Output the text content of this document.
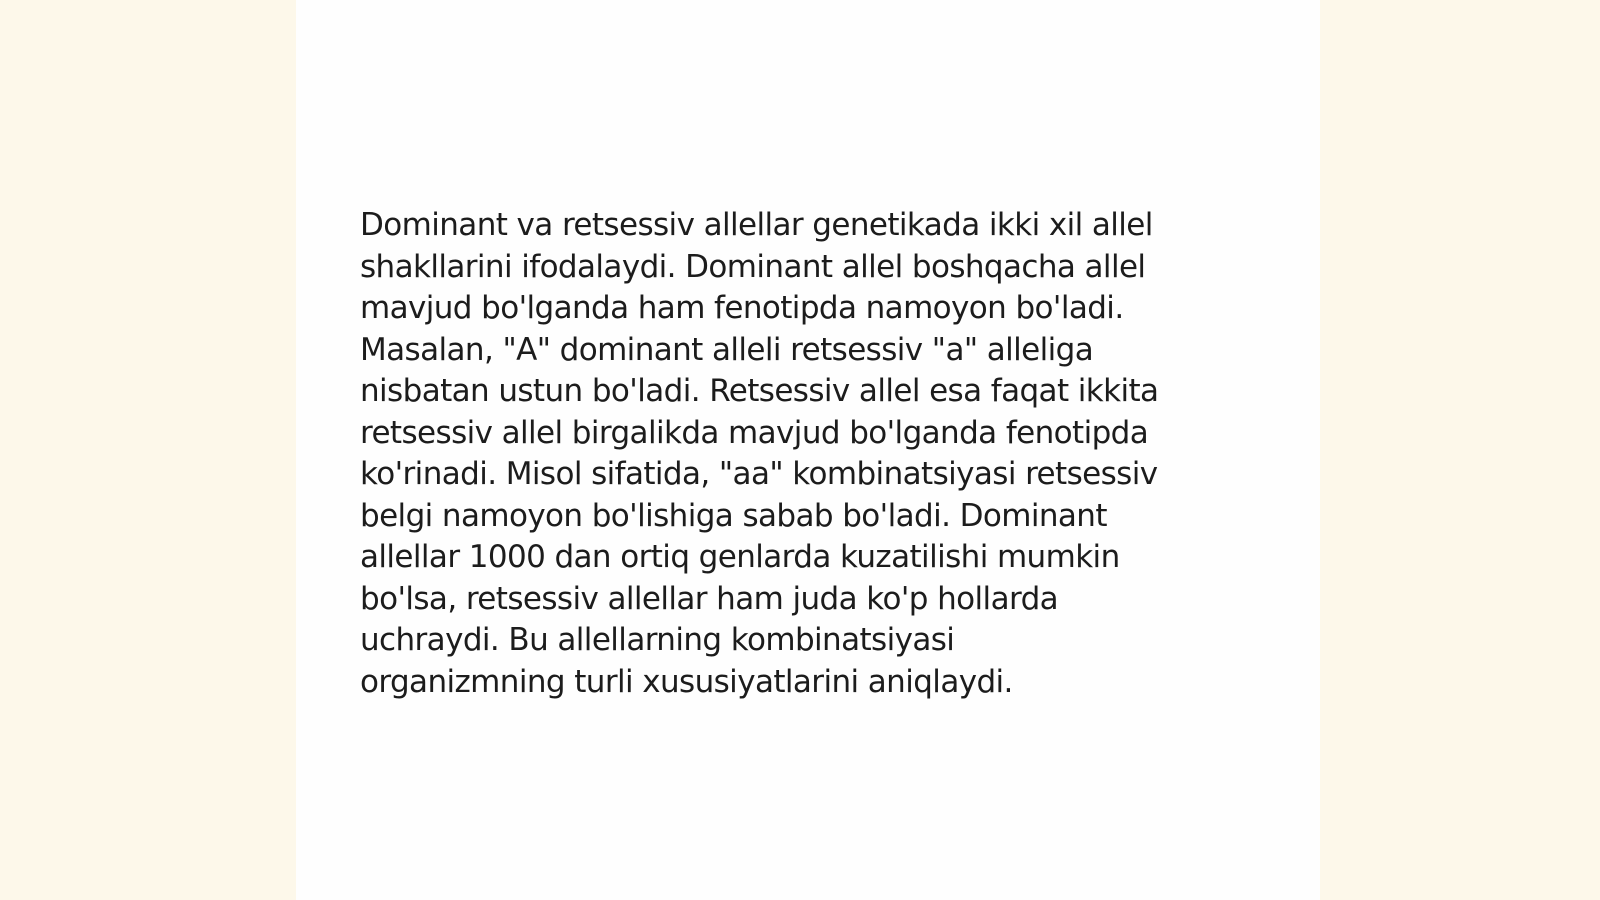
Dominant va retsessiv allellar genetikada ikki xil allel
shakllarini ifodalaydi. Dominant allel boshqacha allel
mavjud bo'lganda ham fenotipda namoyon bo'ladi.
Masalan, "A" dominant alleli retsessiv "a" alleliga
nisbatan ustun bo'ladi. Retsessiv allel esa faqat ikkita
retsessiv allel birgalikda mavjud bo'lganda fenotipda
ko'rinadi. Misol sifatida, "aa" kombinatsiyasi retsessiv
belgi namoyon bo'lishiga sabab bo'ladi. Dominant
allellar 1000 dan ortiq genlarda kuzatilishi mumkin
bo'lsa, retsessiv allellar ham juda ko'p hollarda
uchraydi. Bu allellarning kombinatsiyasi
organizmning turli xususiyatlarini aniqlaydi.
